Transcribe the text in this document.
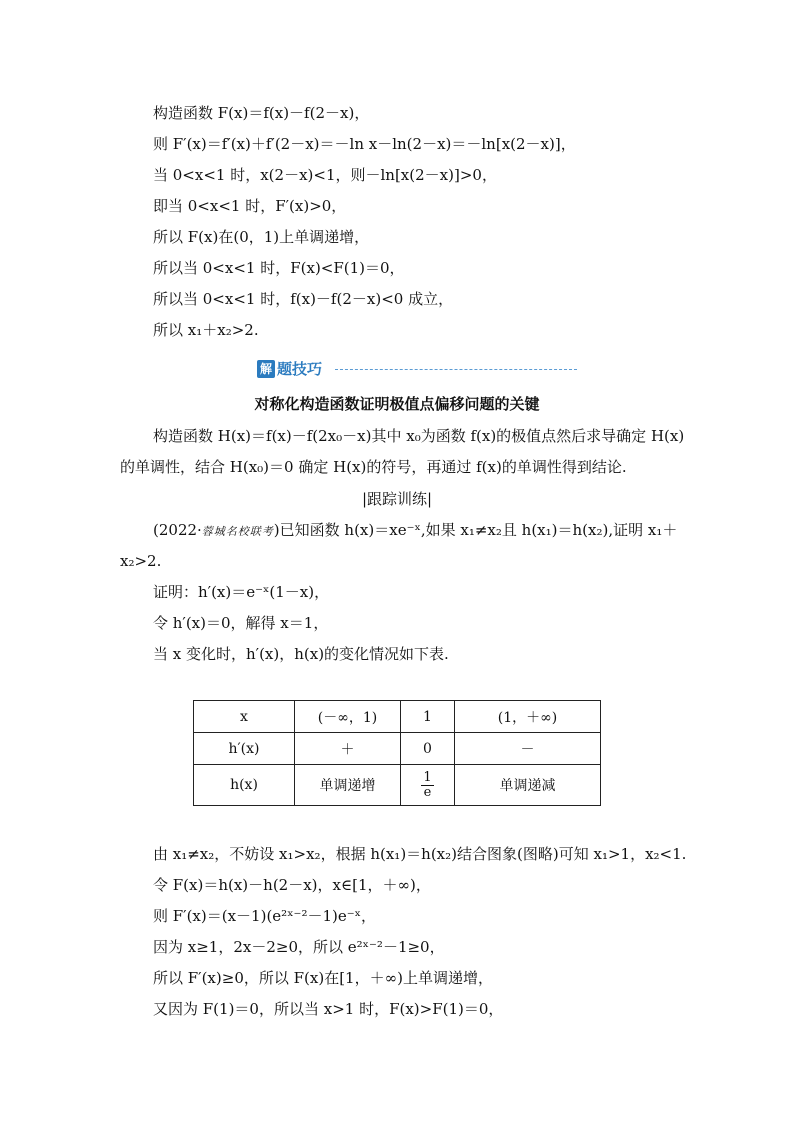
构造函数 F(x)＝f(x)－f(2－x)，
则 F′(x)＝f′(x)＋f′(2－x)＝－ln x－ln(2－x)＝－ln[x(2－x)]，
当 0<x<1 时，x(2－x)<1，则－ln[x(2－x)]>0，
即当 0<x<1 时，F′(x)>0，
所以 F(x)在(0，1)上单调递增，
所以当 0<x<1 时，F(x)<F(1)＝0，
所以当 0<x<1 时，f(x)－f(2－x)<0 成立，
所以 x₁＋x₂>2.
解 题技巧
对称化构造函数证明极值点偏移问题的关键
构造函数 H(x)＝f(x)－f(2x₀－x)其中 x₀为函数 f(x)的极值点然后求导确定 H(x)
的单调性，结合 H(x₀)＝0 确定 H(x)的符号，再通过 f(x)的单调性得到结论.
|跟踪训练|
(2022·蓉城名校联考)已知函数 h(x)＝xe⁻ˣ,如果 x₁≠x₂且 h(x₁)＝h(x₂),证明 x₁＋
x₂>2.
证明：h′(x)＝e⁻ˣ(1－x)，
令 h′(x)＝0，解得 x＝1，
当 x 变化时，h′(x)，h(x)的变化情况如下表.
x	(－∞，1)	1	(1，＋∞)
h′(x)	＋	0	－
h(x)	单调递增	$\frac{1}{e}$	单调递减
由 x₁≠x₂，不妨设 x₁>x₂，根据 h(x₁)＝h(x₂)结合图象(图略)可知 x₁>1，x₂<1.
令 F(x)＝h(x)－h(2－x)，x∈[1，＋∞)，
则 F′(x)＝(x－1)(e²ˣ⁻²－1)e⁻ˣ，
因为 x≥1，2x－2≥0，所以 e²ˣ⁻²－1≥0，
所以 F′(x)≥0，所以 F(x)在[1，＋∞)上单调递增，
又因为 F(1)＝0，所以当 x>1 时，F(x)>F(1)＝0，
